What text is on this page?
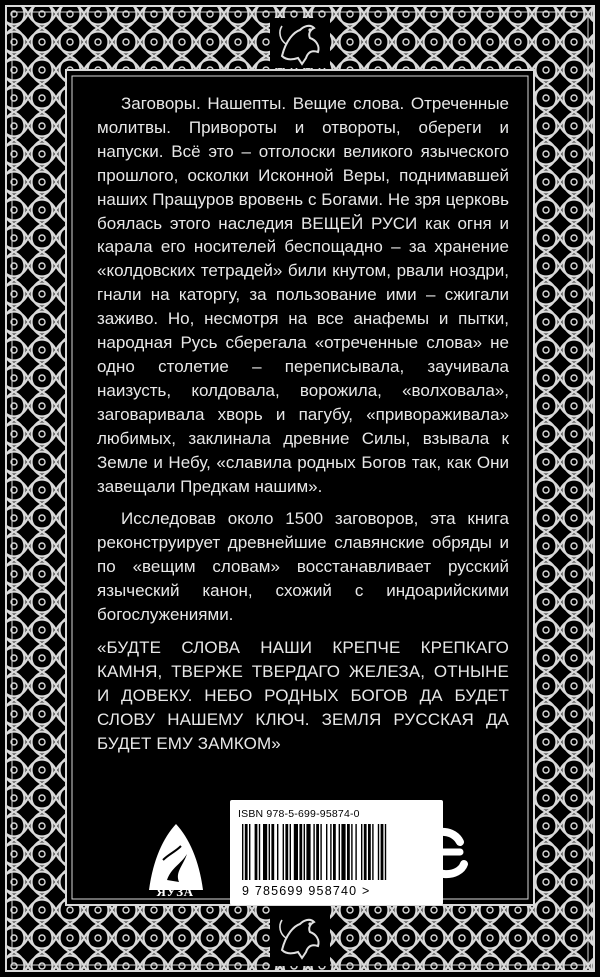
Заговоры. Нашепты. Вещие слова. Отреченные молитвы. Привороты и отвороты, обереги и напуски. Всё это – отголоски великого языческого прошлого, осколки Исконной Веры, поднимавшей наших Пращуров вровень с Богами. Не зря церковь боялась этого наследия ВЕЩЕЙ РУСИ как огня и карала его носителей беспощадно – за хранение «колдовских тетрадей» били кнутом, рвали ноздри, гнали на каторгу, за пользование ими – сжигали заживо. Но, несмотря на все анафемы и пытки, народная Русь сберегала «отреченные слова» не одно столетие – переписывала, заучивала наизусть, колдовала, ворожила, «волховала», заговаривала хворь и пагубу, «привораживала» любимых, заклинала древние Силы, взывала к Земле и Небу, «славила родных Богов так, как Они завещали Предкам нашим».

Исследовав около 1500 заговоров, эта книга реконструирует древнейшие славянские обряды и по «вещим словам» восстанавливает русский языческий канон, схожий с индоарийскими богослужениями.

«БУДТЕ СЛОВА НАШИ КРЕПЧЕ КРЕПКАГО КАМНЯ, ТВЕРЖЕ ТВЕРДАГО ЖЕЛЕЗА, ОТНЫНЕ И ДОВЕКУ. НЕБО РОДНЫХ БОГОВ ДА БУДЕТ СЛОВУ НАШЕМУ КЛЮЧ. ЗЕМЛЯ РУССКАЯ ДА БУДЕТ ЕМУ ЗАМКОМ»

ЯУЗА
ISBN 978-5-699-95874-0
9 785699 958740 >
